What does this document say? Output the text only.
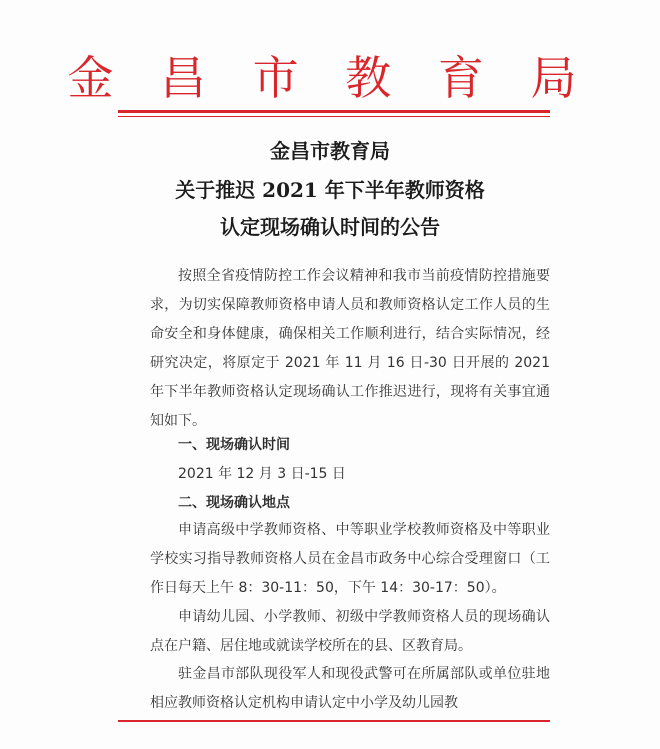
金 昌 市 教 育 局
金昌市教育局
关于推迟 2021 年下半年教师资格
认定现场确认时间的公告

按照全省疫情防控工作会议精神和我市当前疫情防控措施要求，为切实保障教师资格申请人员和教师资格认定工作人员的生命安全和身体健康，确保相关工作顺利进行，结合实际情况，经研究决定，将原定于 2021 年 11 月 16 日-30 日开展的 2021 年下半年教师资格认定现场确认工作推迟进行，现将有关事宜通知如下。

一、现场确认时间

2021 年 12 月 3 日-15 日

二、现场确认地点

申请高级中学教师资格、中等职业学校教师资格及中等职业学校实习指导教师资格人员在金昌市政务中心综合受理窗口（工作日每天上午 8：30-11：50，下午 14：30-17：50）。

申请幼儿园、小学教师、初级中学教师资格人员的现场确认点在户籍、居住地或就读学校所在的县、区教育局。

驻金昌市部队现役军人和现役武警可在所属部队或单位驻地相应教师资格认定机构申请认定中小学及幼儿园教
